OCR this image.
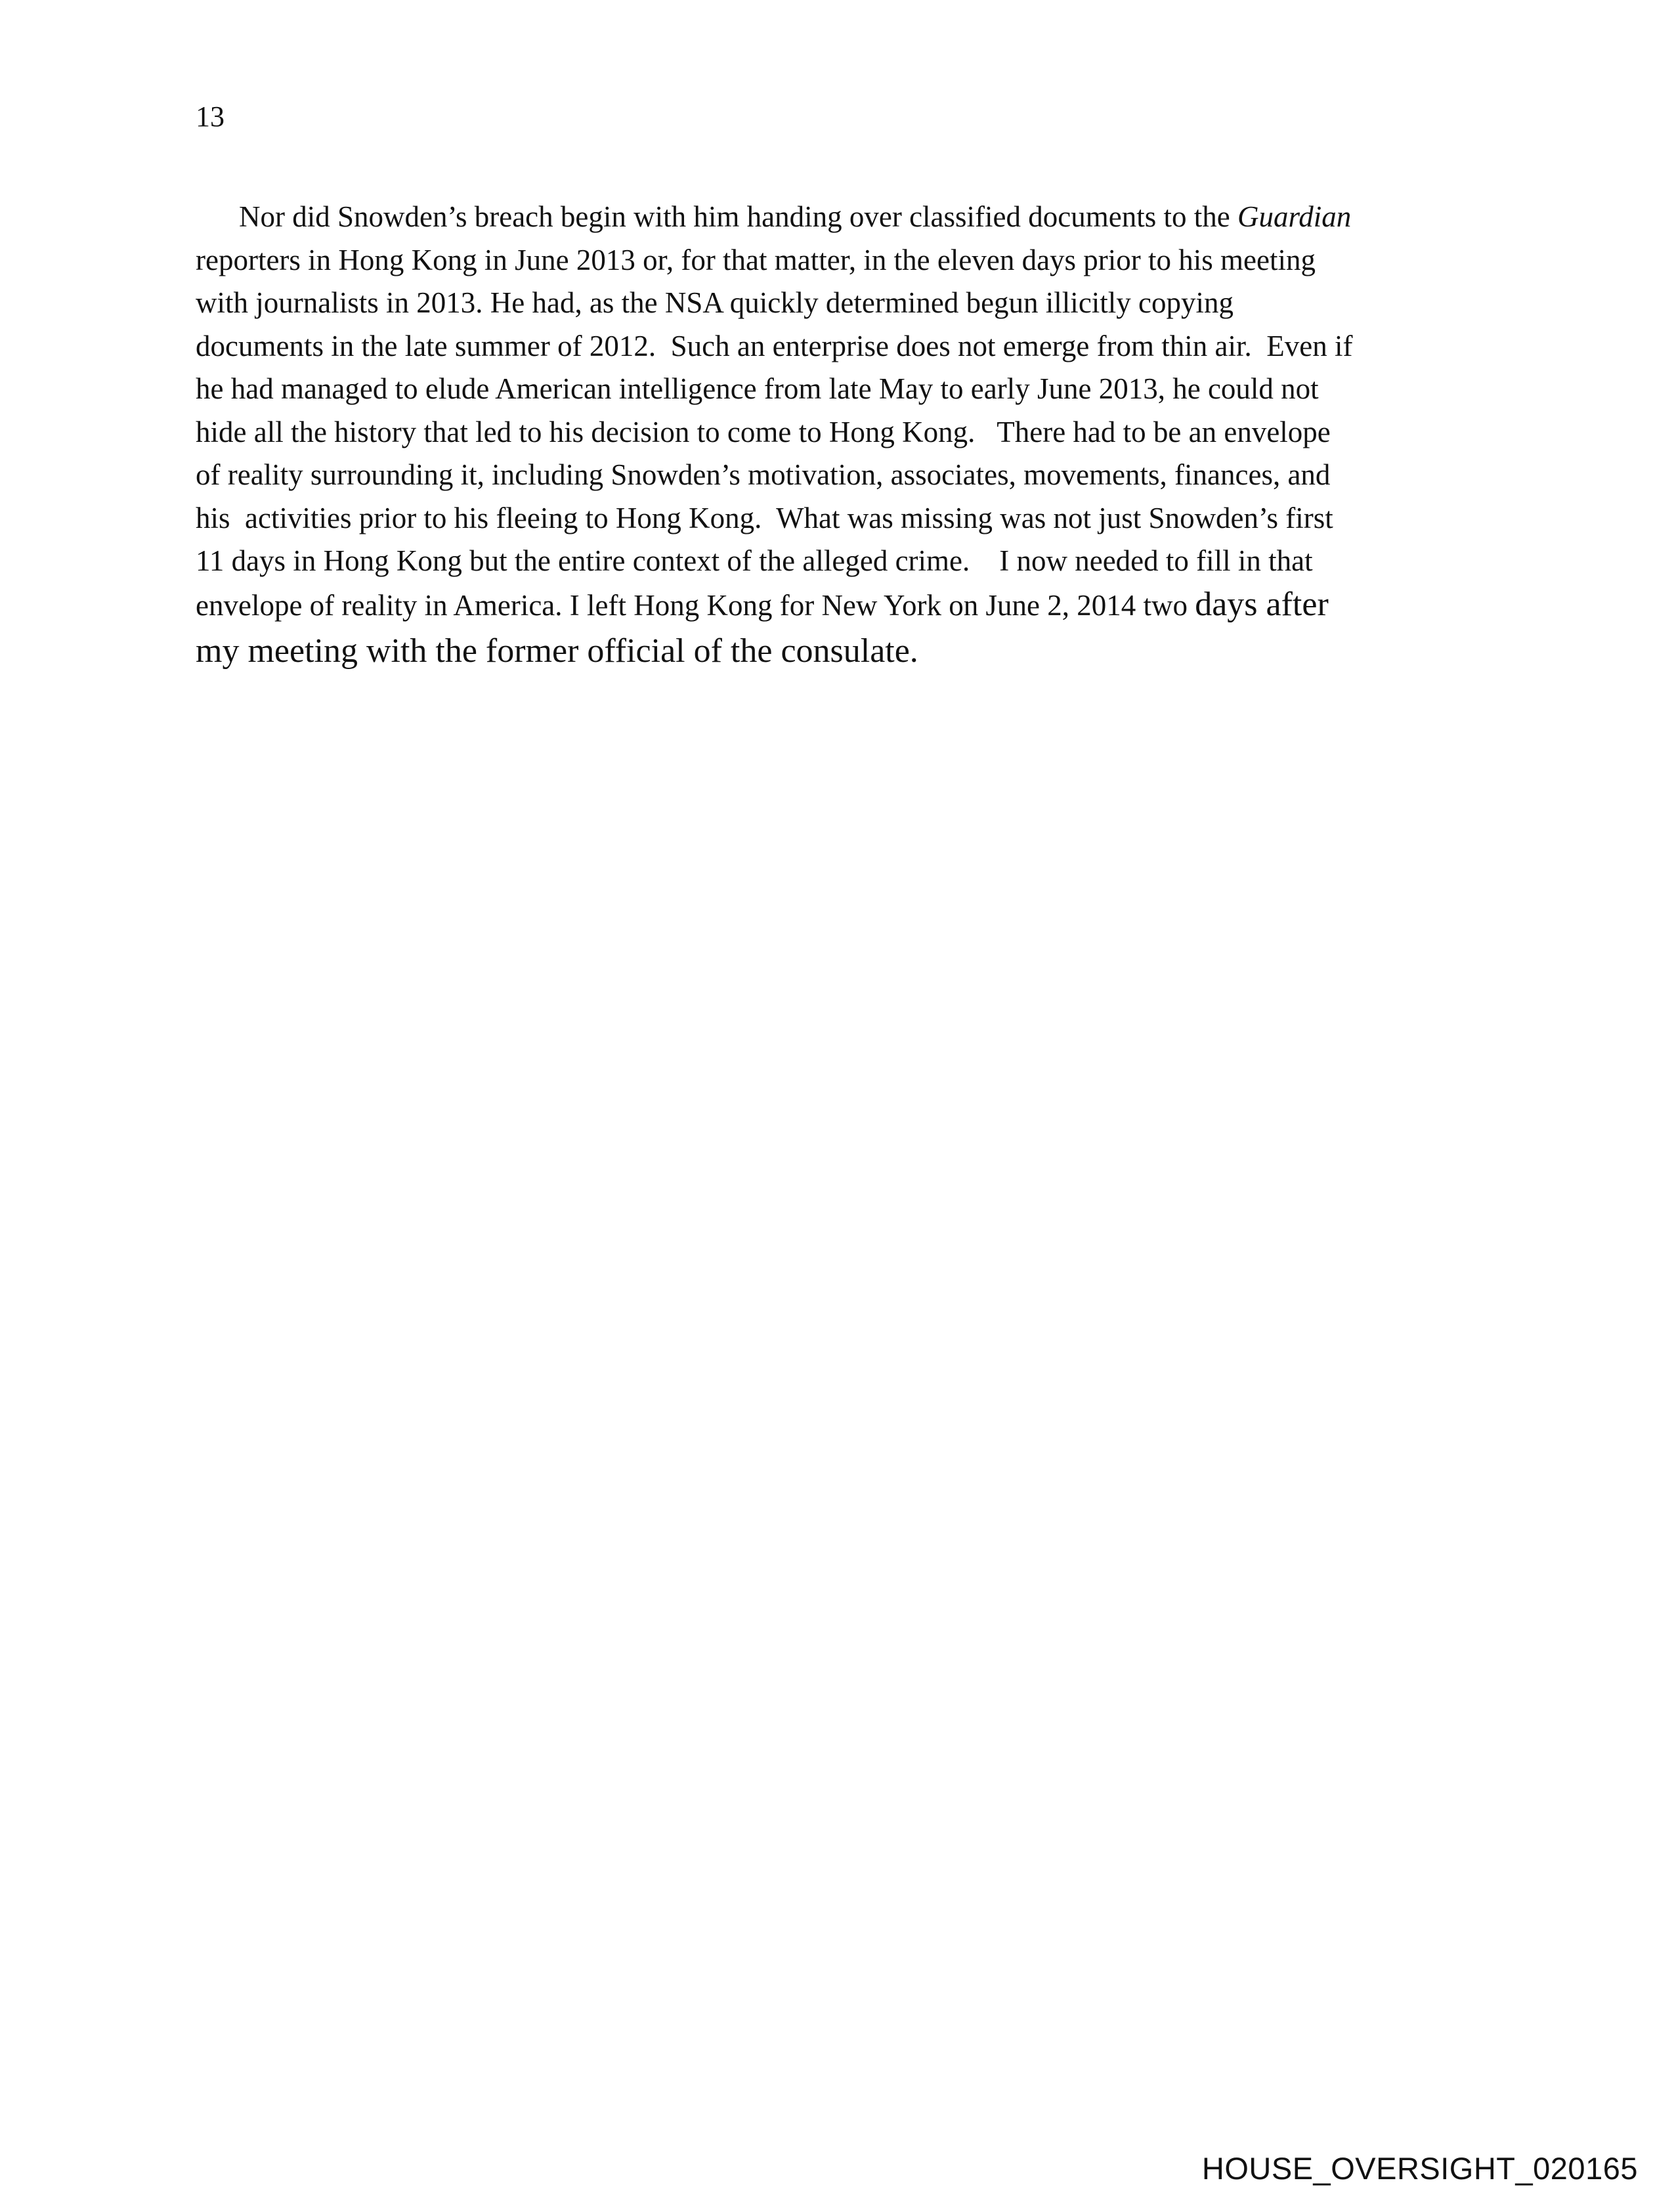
13
Nor did Snowden’s breach begin with him handing over classified documents to the Guardian
reporters in Hong Kong in June 2013 or, for that matter, in the eleven days prior to his meeting
with journalists in 2013. He had, as the NSA quickly determined begun illicitly copying
documents in the late summer of 2012.  Such an enterprise does not emerge from thin air.  Even if
he had managed to elude American intelligence from late May to early June 2013, he could not
hide all the history that led to his decision to come to Hong Kong.   There had to be an envelope
of reality surrounding it, including Snowden’s motivation, associates, movements, finances, and
his  activities prior to his fleeing to Hong Kong.  What was missing was not just Snowden’s first
11 days in Hong Kong but the entire context of the alleged crime.    I now needed to fill in that
envelope of reality in America. I left Hong Kong for New York on June 2, 2014 two days after
my meeting with the former official of the consulate.
HOUSE_OVERSIGHT_020165
